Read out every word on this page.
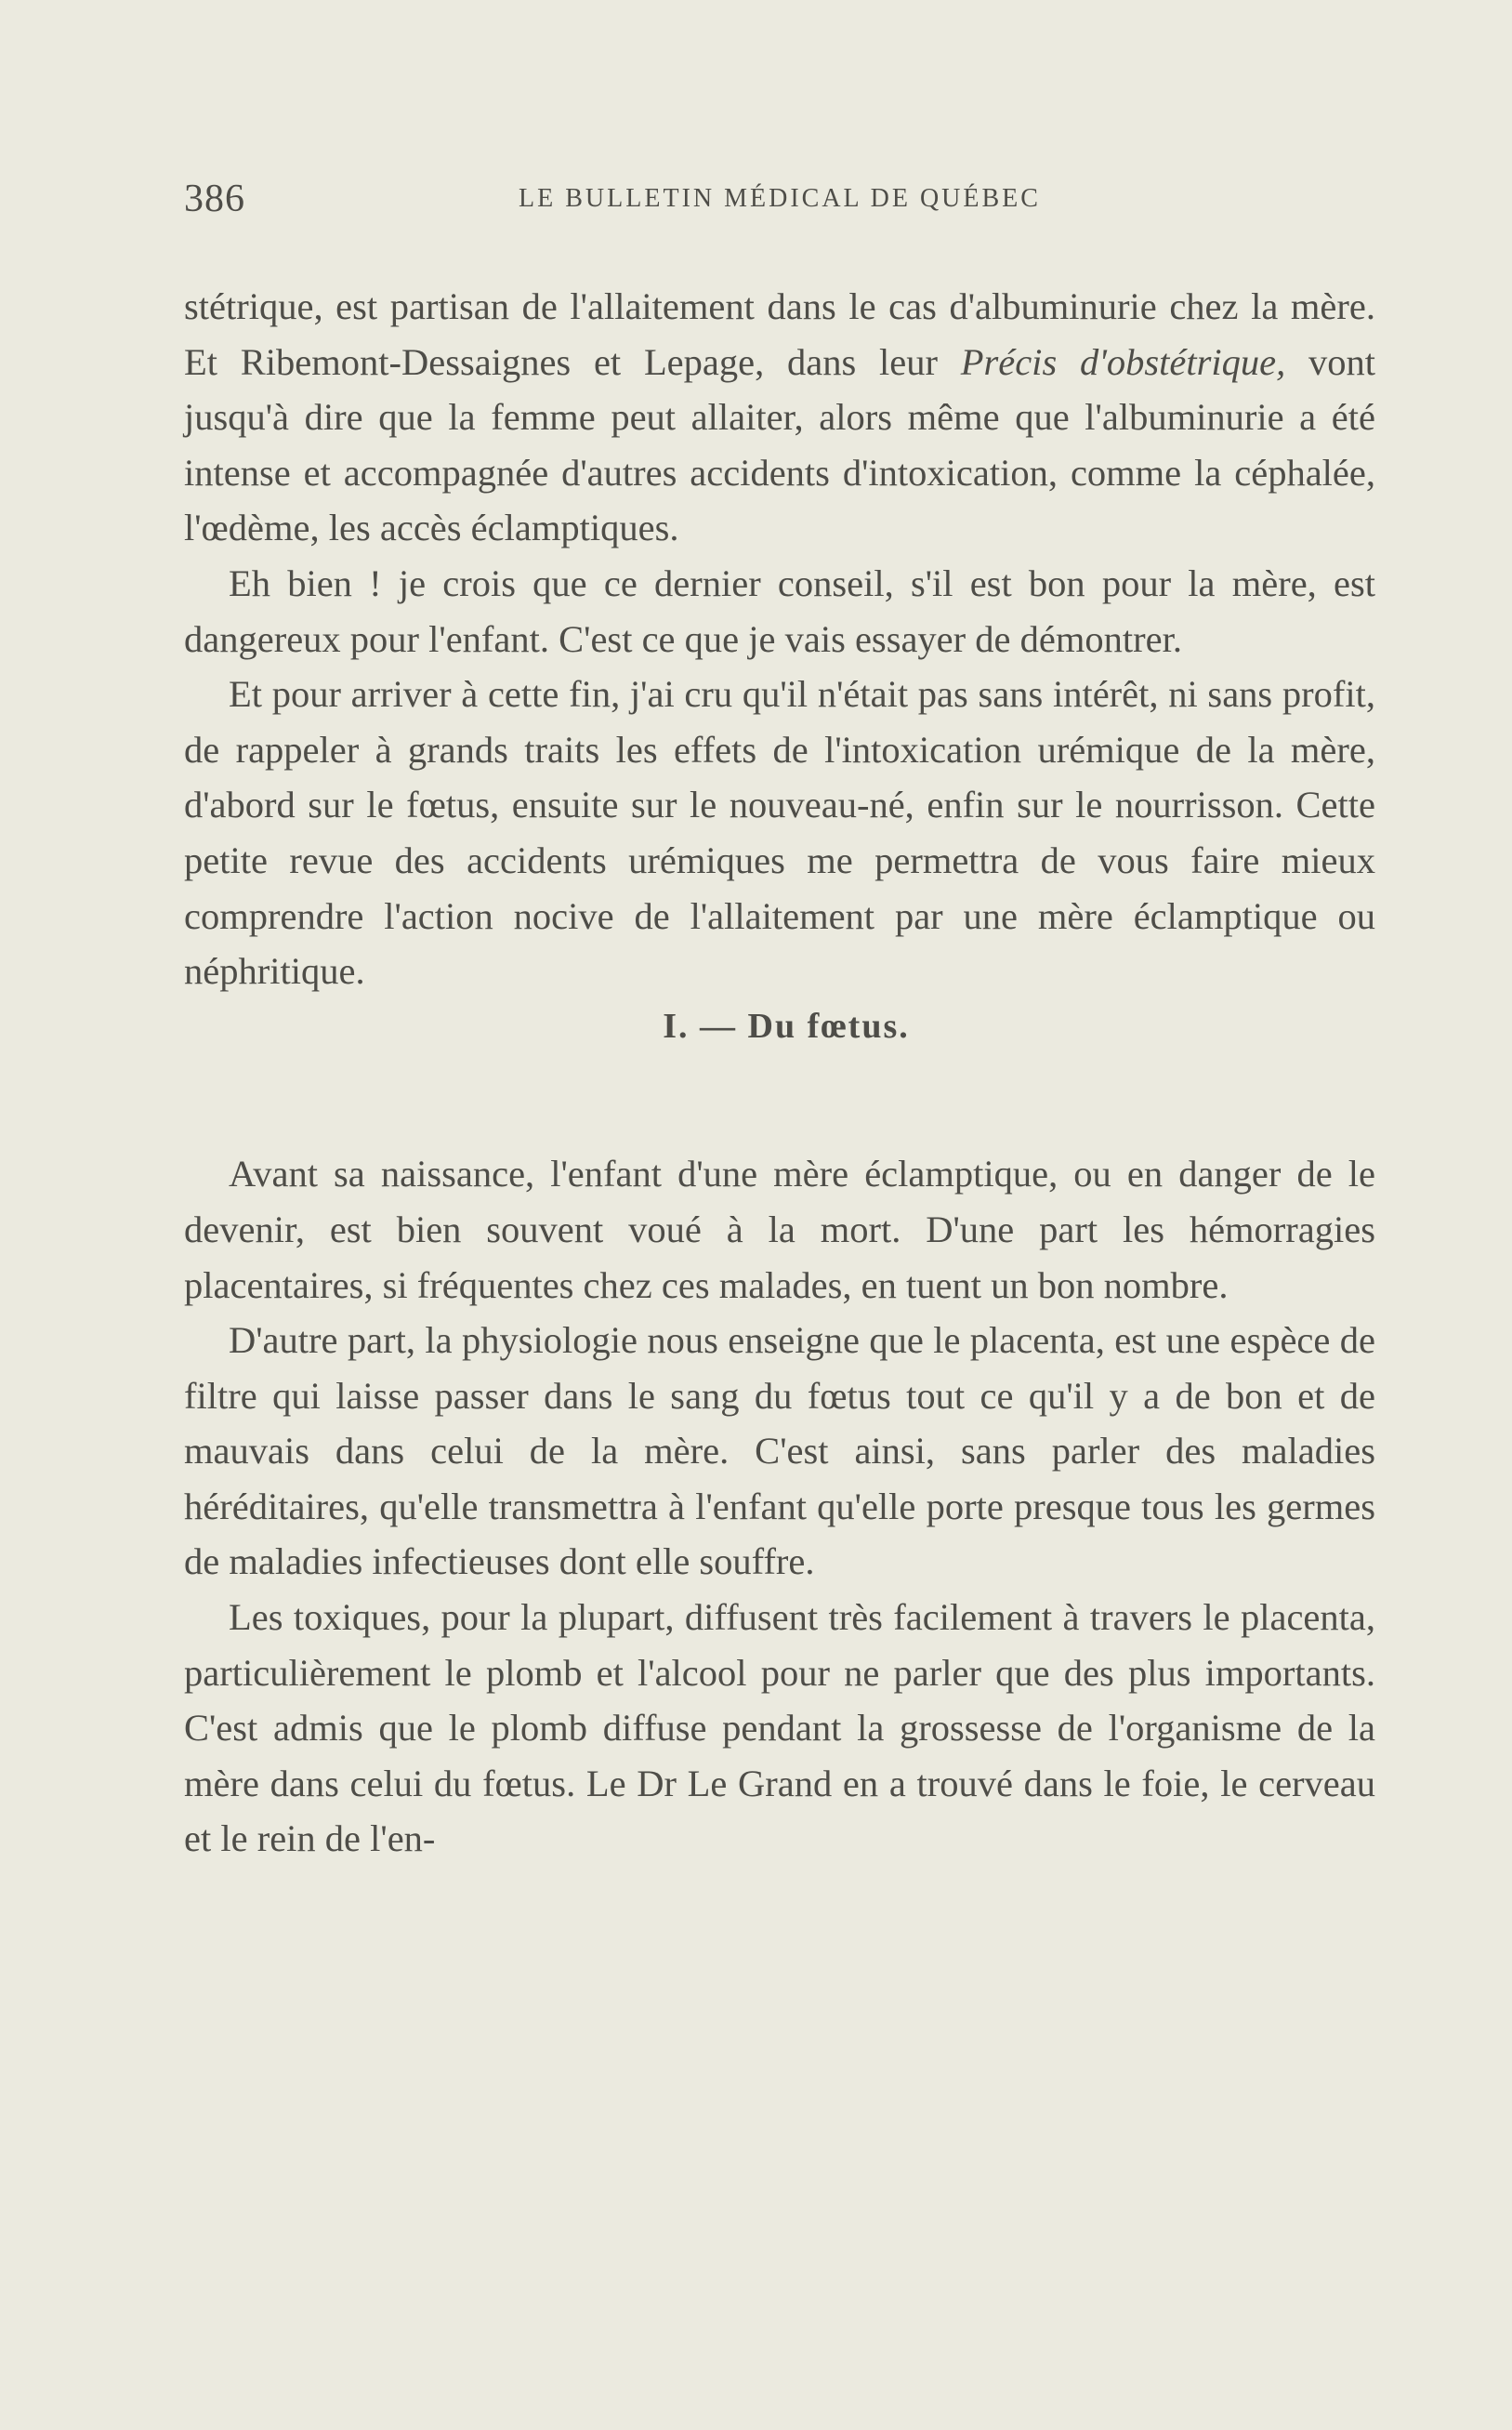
386	LE BULLETIN MÉDICAL DE QUÉBEC

stétrique, est partisan de l'allaitement dans le cas d'albuminurie chez la mère. Et Ribemont-Dessaignes et Lepage, dans leur Précis d'obstétrique, vont jusqu'à dire que la femme peut allaiter, alors même que l'albuminurie a été intense et accompagnée d'autres accidents d'intoxication, comme la céphalée, l'œdème, les accès éclamptiques.

Eh bien ! je crois que ce dernier conseil, s'il est bon pour la mère, est dangereux pour l'enfant. C'est ce que je vais essayer de démontrer.

Et pour arriver à cette fin, j'ai cru qu'il n'était pas sans intérêt, ni sans profit, de rappeler à grands traits les effets de l'intoxication urémique de la mère, d'abord sur le fœtus, ensuite sur le nouveau-né, enfin sur le nourrisson. Cette petite revue des accidents urémiques me permettra de vous faire mieux comprendre l'action nocive de l'allaitement par une mère éclamptique ou néphritique.

I. — Du fœtus.

Avant sa naissance, l'enfant d'une mère éclamptique, ou en danger de le devenir, est bien souvent voué à la mort. D'une part les hémorragies placentaires, si fréquentes chez ces malades, en tuent un bon nombre.

D'autre part, la physiologie nous enseigne que le placenta, est une espèce de filtre qui laisse passer dans le sang du fœtus tout ce qu'il y a de bon et de mauvais dans celui de la mère. C'est ainsi, sans parler des maladies héréditaires, qu'elle transmettra à l'enfant qu'elle porte presque tous les germes de maladies infectieuses dont elle souffre.

Les toxiques, pour la plupart, diffusent très facilement à travers le placenta, particulièrement le plomb et l'alcool pour ne parler que des plus importants. C'est admis que le plomb diffuse pendant la grossesse de l'organisme de la mère dans celui du fœtus. Le Dr Le Grand en a trouvé dans le foie, le cerveau et le rein de l'en-
